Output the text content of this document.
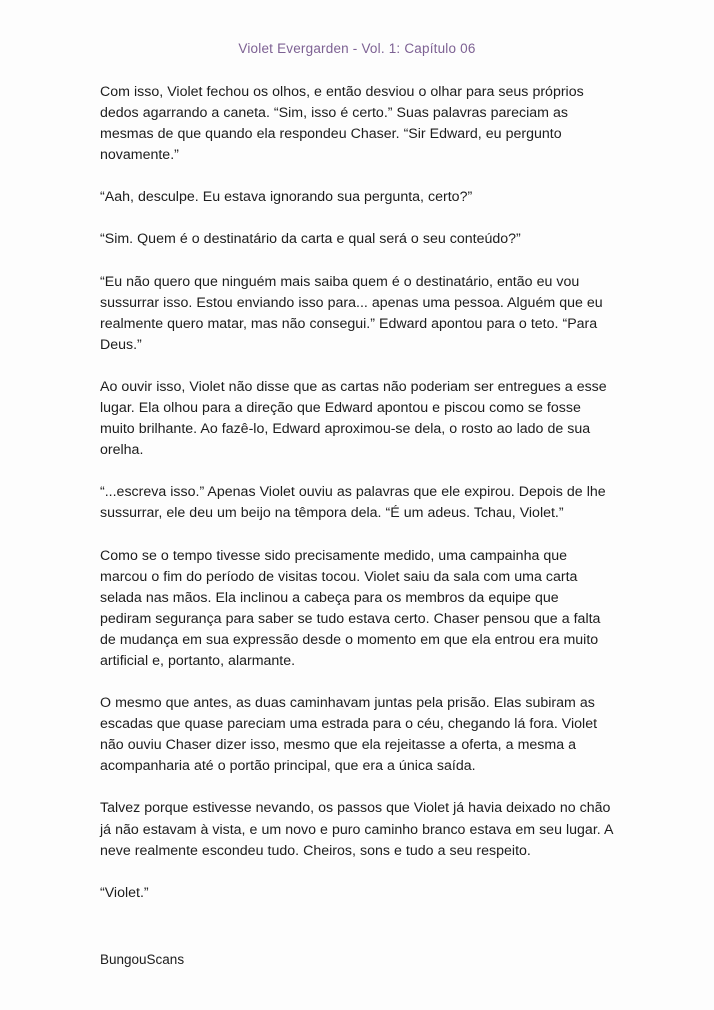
Violet Evergarden - Vol. 1: Capítulo 06

Com isso, Violet fechou os olhos, e então desviou o olhar para seus próprios dedos agarrando a caneta. “Sim, isso é certo.” Suas palavras pareciam as mesmas de que quando ela respondeu Chaser. “Sir Edward, eu pergunto novamente.”

“Aah, desculpe. Eu estava ignorando sua pergunta, certo?”

“Sim. Quem é o destinatário da carta e qual será o seu conteúdo?”

“Eu não quero que ninguém mais saiba quem é o destinatário, então eu vou sussurrar isso. Estou enviando isso para... apenas uma pessoa. Alguém que eu realmente quero matar, mas não consegui.” Edward apontou para o teto. “Para Deus.”

Ao ouvir isso, Violet não disse que as cartas não poderiam ser entregues a esse lugar. Ela olhou para a direção que Edward apontou e piscou como se fosse muito brilhante. Ao fazê-lo, Edward aproximou-se dela, o rosto ao lado de sua orelha.

“...escreva isso.” Apenas Violet ouviu as palavras que ele expirou. Depois de lhe sussurrar, ele deu um beijo na têmpora dela. “É um adeus. Tchau, Violet.”

Como se o tempo tivesse sido precisamente medido, uma campainha que marcou o fim do período de visitas tocou. Violet saiu da sala com uma carta selada nas mãos. Ela inclinou a cabeça para os membros da equipe que pediram segurança para saber se tudo estava certo. Chaser pensou que a falta de mudança em sua expressão desde o momento em que ela entrou era muito artificial e, portanto, alarmante.

O mesmo que antes, as duas caminhavam juntas pela prisão. Elas subiram as escadas que quase pareciam uma estrada para o céu, chegando lá fora. Violet não ouviu Chaser dizer isso, mesmo que ela rejeitasse a oferta, a mesma a acompanharia até o portão principal, que era a única saída.

Talvez porque estivesse nevando, os passos que Violet já havia deixado no chão já não estavam à vista, e um novo e puro caminho branco estava em seu lugar. A neve realmente escondeu tudo. Cheiros, sons e tudo a seu respeito.

“Violet.”

BungouScans
